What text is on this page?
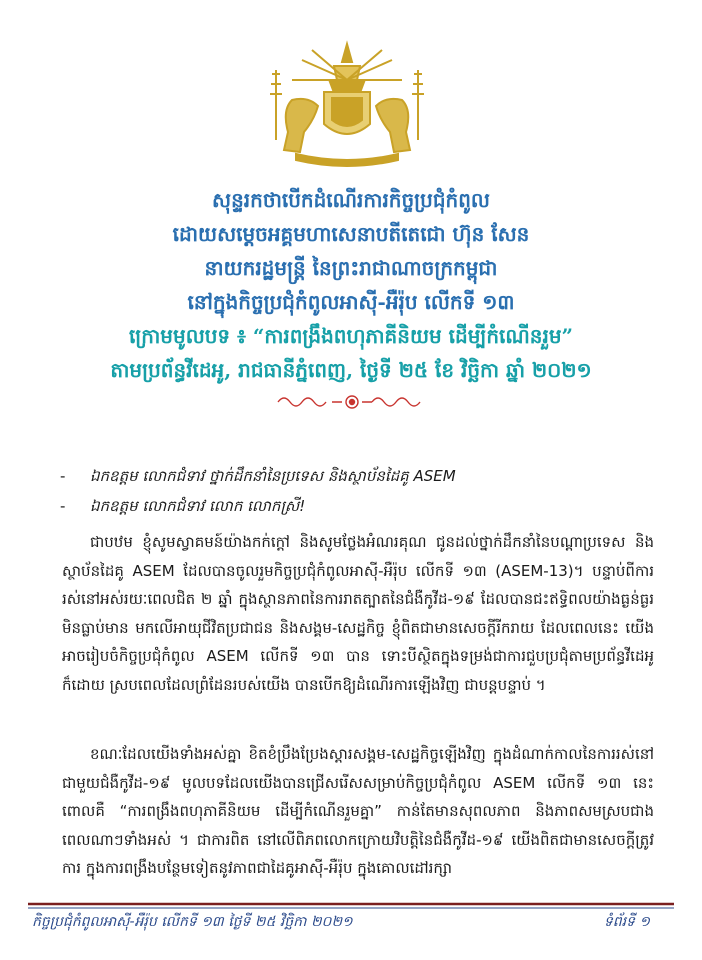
សុន្ទរកថាបើកដំណើរការកិច្ចប្រជុំកំពូល
ដោយសម្តេចអគ្គមហាសេនាបតីតេជោ ហ៊ុន សែន
នាយករដ្ឋមន្ត្រី នៃព្រះរាជាណាចក្រកម្ពុជា
នៅក្នុងកិច្ចប្រជុំកំពូលអាស៊ី-អឺរ៉ុប លើកទី ១៣
ក្រោមមូលបទ ៖ “ការពង្រឹងពហុភាគីនិយម ដើម្បីកំណើនរួម”
តាមប្រព័ន្ធវីដេអូ, រាជធានីភ្នំពេញ, ថ្ងៃទី ២៥ ខែ វិច្ឆិកា ឆ្នាំ ២០២១
- ឯកឧត្តម លោកជំទាវ ថ្នាក់ដឹកនាំនៃប្រទេស និងស្ថាប័នដៃគូ ASEM
- ឯកឧត្តម លោកជំទាវ លោក លោកស្រី!
ជាបឋម ខ្ញុំសូមស្វាគមន៍យ៉ាងកក់ក្តៅ និងសូមថ្លែងអំណរគុណ ជូនដល់ថ្នាក់ដឹកនាំនៃបណ្តាប្រទេស និងស្ថាប័នដៃគូ ASEM ដែលបានចូលរួមកិច្ចប្រជុំកំពូលអាស៊ី-អឺរ៉ុប លើកទី ១៣ (ASEM-13)។ បន្ទាប់ពីការរស់នៅអស់រយៈពេលជិត ២ ឆ្នាំ ក្នុងស្ថានភាពនៃការរាតត្បាតនៃជំងឺកូវីដ-១៩ ដែលបានជះឥទ្ធិពលយ៉ាងធ្ងន់ធ្ងរមិនធ្លាប់មាន មកលើអាយុជីវិតប្រជាជន និងសង្គម-សេដ្ឋកិច្ច ខ្ញុំពិតជាមានសេចក្តីរីករាយ ដែលពេលនេះ យើងអាចរៀបចំកិច្ចប្រជុំកំពូល ASEM លើកទី ១៣ បាន ទោះបីស្ថិតក្នុងទម្រង់ជាការជួបប្រជុំតាមប្រព័ន្ធវីដេអូក៏ដោយ ស្របពេលដែលព្រំដែនរបស់យើង បានបើកឱ្យដំណើរការឡើងវិញ ជាបន្តបន្ទាប់ ។
ខណៈដែលយើងទាំងអស់គ្នា ខិតខំប្រឹងប្រែងស្តារសង្គម-សេដ្ឋកិច្ចឡើងវិញ ក្នុងដំណាក់កាលនៃការរស់នៅជាមួយជំងឺកូវីដ-១៩ មូលបទដែលយើងបានជ្រើសរើសសម្រាប់កិច្ចប្រជុំកំពូល ASEM លើកទី ១៣ នេះ ពោលគឺ “ការពង្រឹងពហុភាគីនិយម ដើម្បីកំណើនរួមគ្នា” កាន់តែមានសុពលភាព និងភាពសមស្របជាងពេលណាៗទាំងអស់ ។ ជាការពិត នៅលើពិភពលោកក្រោយវិបត្តិនៃជំងឺកូវីដ-១៩ យើងពិតជាមានសេចក្តីត្រូវការ ក្នុងការពង្រឹងបន្ថែមទៀតនូវភាពជាដៃគូអាស៊ី-អឺរ៉ុប ក្នុងគោលដៅរក្សា
កិច្ចប្រជុំកំពូលអាស៊ី-អឺរ៉ុប លើកទី ១៣ ថ្ងៃទី ២៥ វិច្ឆិកា ២០២១	ទំព័រទី ១
